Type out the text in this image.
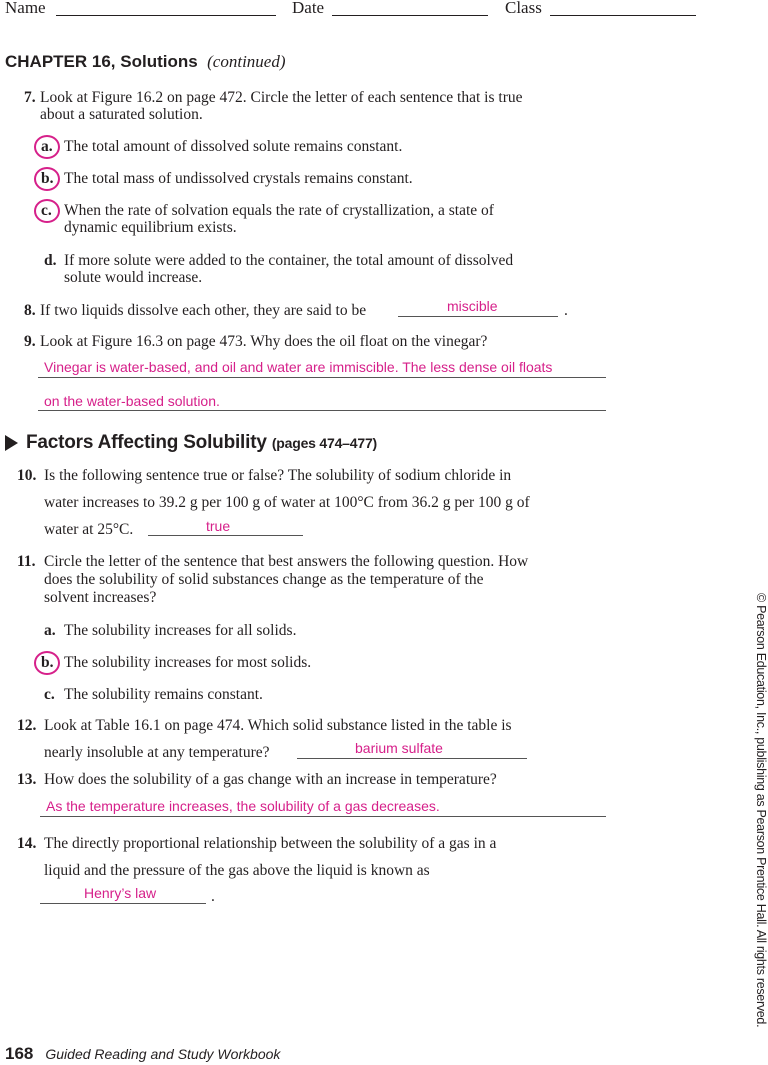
Name	Date	Class
CHAPTER 16, Solutions (continued)
7. Look at Figure 16.2 on page 472. Circle the letter of each sentence that is true
about a saturated solution.
a. The total amount of dissolved solute remains constant.
b. The total mass of undissolved crystals remains constant.
c. When the rate of solvation equals the rate of crystallization, a state of
dynamic equilibrium exists.
d. If more solute were added to the container, the total amount of dissolved
solute would increase.
8. If two liquids dissolve each other, they are said to be	miscible	.
9. Look at Figure 16.3 on page 473. Why does the oil float on the vinegar?
Vinegar is water-based, and oil and water are immiscible. The less dense oil floats
on the water-based solution.
Factors Affecting Solubility (pages 474–477)
10. Is the following sentence true or false? The solubility of sodium chloride in
water increases to 39.2 g per 100 g of water at 100°C from 36.2 g per 100 g of
water at 25°C.	true
11. Circle the letter of the sentence that best answers the following question. How
does the solubility of solid substances change as the temperature of the
solvent increases?
a. The solubility increases for all solids.
b. The solubility increases for most solids.
c. The solubility remains constant.
12. Look at Table 16.1 on page 474. Which solid substance listed in the table is
nearly insoluble at any temperature?	barium sulfate
13. How does the solubility of a gas change with an increase in temperature?
As the temperature increases, the solubility of a gas decreases.
14. The directly proportional relationship between the solubility of a gas in a
liquid and the pressure of the gas above the liquid is known as
Henry’s law	.	© Pearson Education, Inc., publishing as Pearson Prentice Hall. All rights reserved.
168 Guided Reading and Study Workbook
